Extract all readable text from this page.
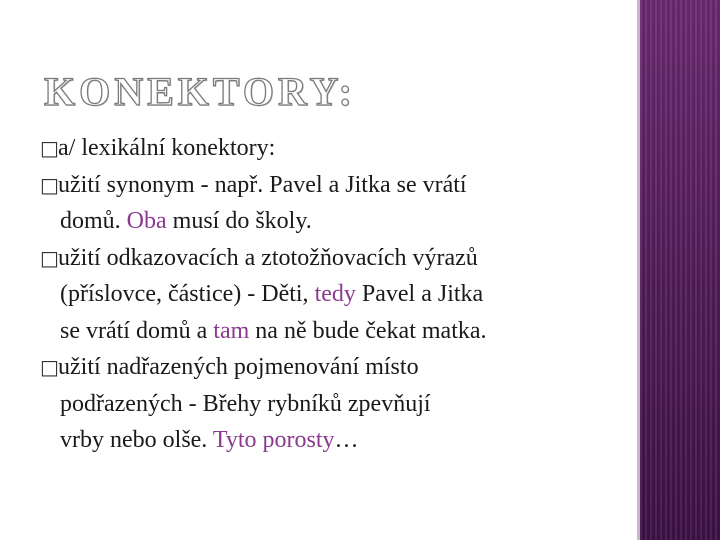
KONEKTORY:
□ a/ lexikální konektory:
□ užití synonym - např. Pavel a Jitka se vrátí
domů. Oba musí do školy.
□ užití odkazovacích a ztotožňovacích výrazů
(příslovce, částice) - Děti, tedy Pavel a Jitka
se vrátí domů a tam na ně bude čekat matka.
□ užití nadřazených pojmenování místo
podřazených - Břehy rybníků zpevňují
vrby nebo olše. Tyto porosty…
